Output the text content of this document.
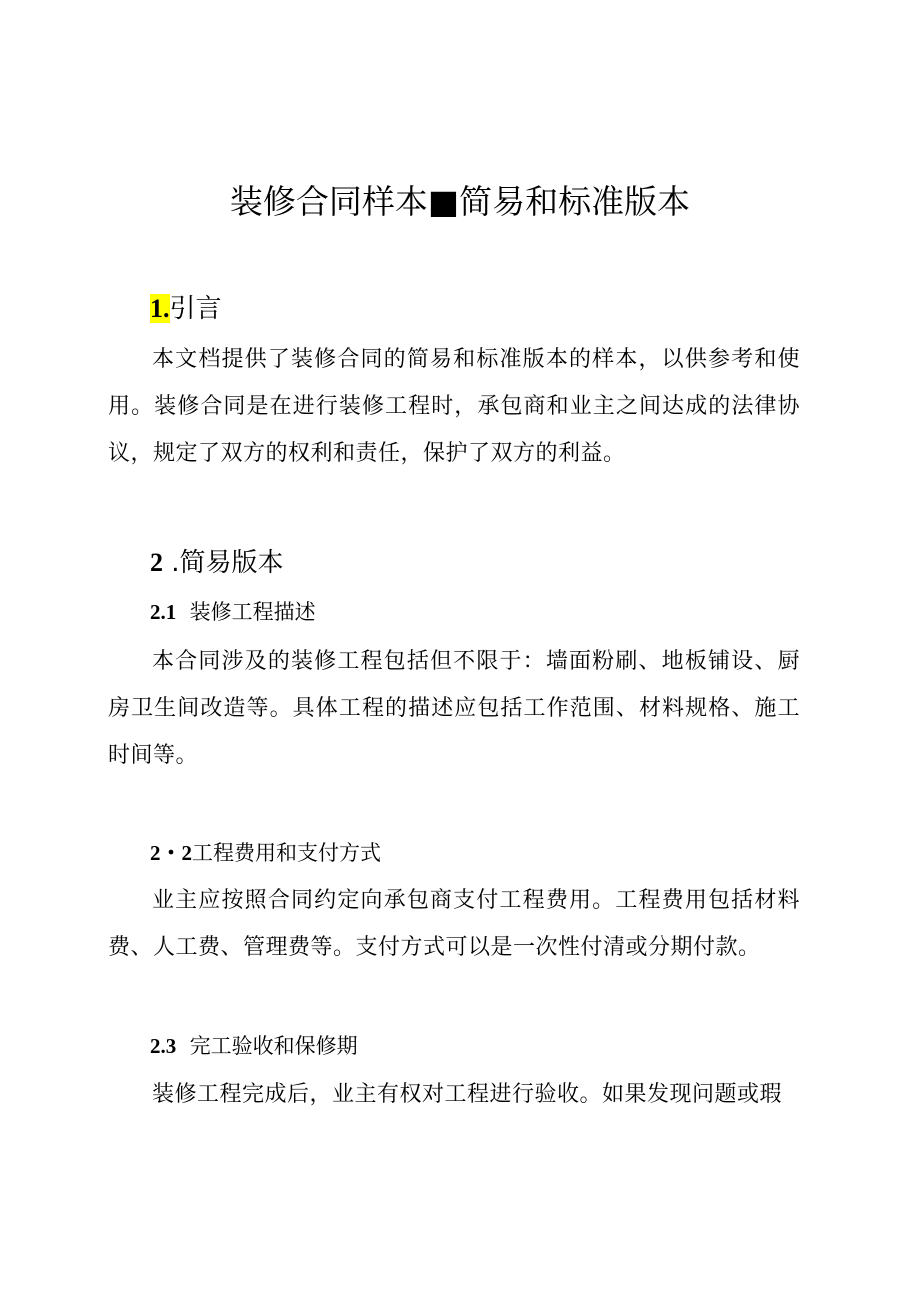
装修合同样本■简易和标准版本
1.引言

本文档提供了装修合同的简易和标准版本的样本，以供参考和使用。装修合同是在进行装修工程时，承包商和业主之间达成的法律协议，规定了双方的权利和责任，保护了双方的利益。

2 .简易版本
2.1 装修工程描述

本合同涉及的装修工程包括但不限于：墙面粉刷、地板铺设、厨房卫生间改造等。具体工程的描述应包括工作范围、材料规格、施工时间等。

2・2工程费用和支付方式

业主应按照合同约定向承包商支付工程费用。工程费用包括材料费、人工费、管理费等。支付方式可以是一次性付清或分期付款。

2.3 完工验收和保修期

装修工程完成后，业主有权对工程进行验收。如果发现问题或瑕
